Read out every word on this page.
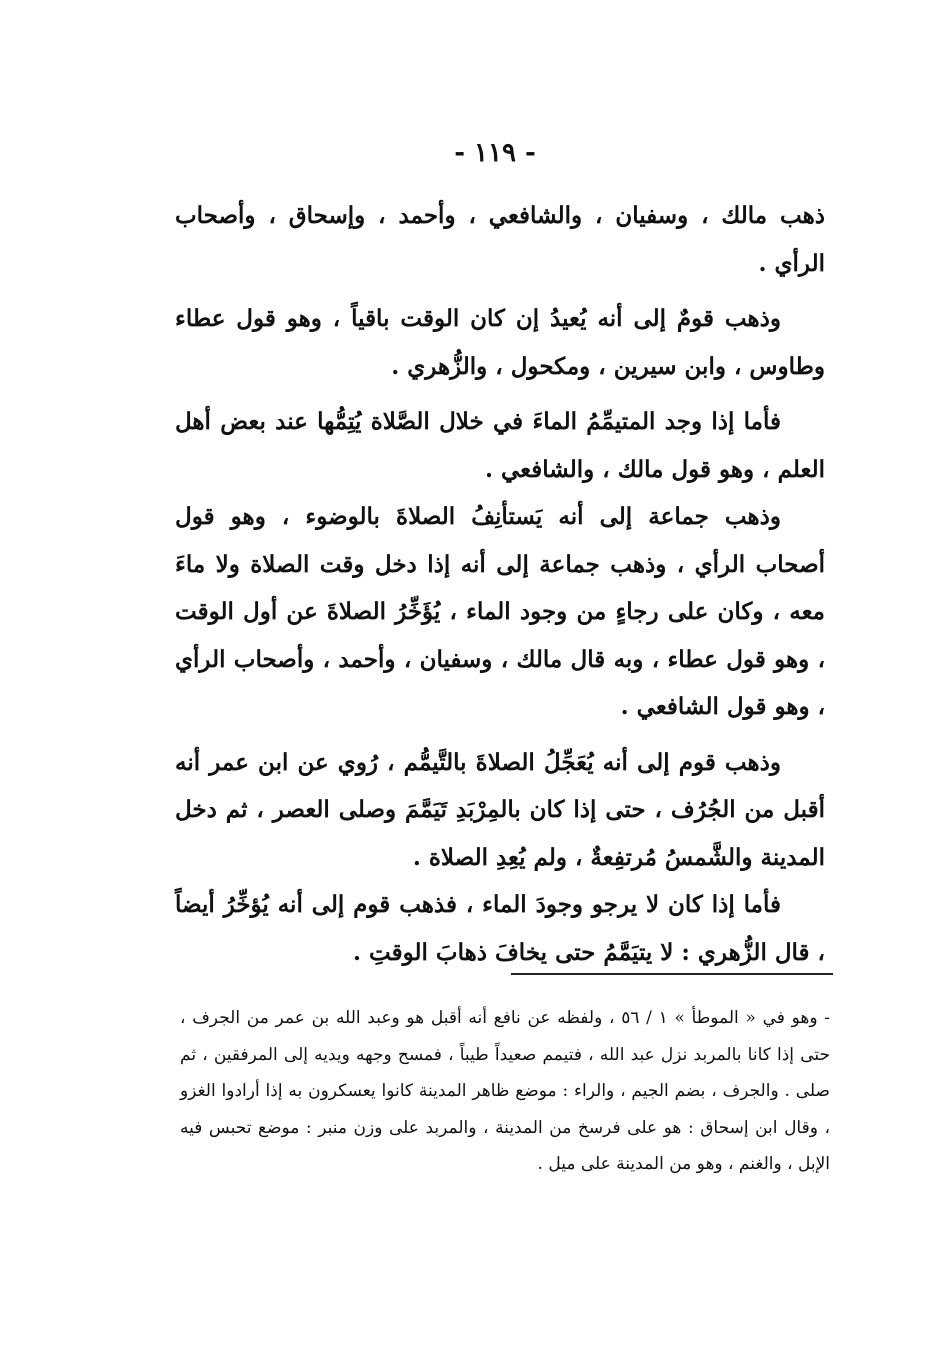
- ١١٩ -

ذهب مالك ، وسفيان ، والشافعي ، وأحمد ، وإسحاق ، وأصحاب الرأي .

وذهب قومٌ إلى أنه يُعيدُ إن كان الوقت باقياً ، وهو قول عطاء وطاوس ، وابن سيرين ، ومكحول ، والزُّهري .

فأما إذا وجد المتيمِّمُ الماءَ في خلال الصَّلاة يُتِمُّها عند بعض أهل العلم ، وهو قول مالك ، والشافعي .

وذهب جماعة إلى أنه يَستأنِفُ الصلاةَ بالوضوء ، وهو قول أصحاب الرأي ، وذهب جماعة إلى أنه إذا دخل وقت الصلاة ولا ماءَ معه ، وكان على رجاءٍ من وجود الماء ، يُؤَخِّرُ الصلاةَ عن أول الوقت ، وهو قول عطاء ، وبه قال مالك ، وسفيان ، وأحمد ، وأصحاب الرأي ، وهو قول الشافعي .

وذهب قوم إلى أنه يُعَجِّلُ الصلاةَ بالتَّيمُّم ، رُوي عن ابن عمر أنه أقبل من الجُرُف ، حتى إذا كان بالمِرْبَدِ تَيَمَّمَ وصلى العصر ، ثم دخل المدينة والشَّمسُ مُرتفِعةٌ ، ولم يُعِدِ الصلاة .

فأما إذا كان لا يرجو وجودَ الماء ، فذهب قوم إلى أنه يُؤخِّرُ أيضاً ، قال الزُّهري : لا يتيَمَّمُ حتى يخافَ ذهابَ الوقتِ .

- وهو في « الموطأ » ١ / ٥٦ ، ولفظه عن نافع أنه أقبل هو وعبد الله بن عمر من الجرف ، حتى إذا كانا بالمربد نزل عبد الله ، فتيمم صعيداً طيباً ، فمسح وجهه ويديه إلى المرفقين ، ثم صلى . والجرف ، بضم الجيم ، والراء : موضع ظاهر المدينة كانوا يعسكرون به إذا أرادوا الغزو ، وقال ابن إسحاق : هو على فرسخ من المدينة ، والمربد على وزن منبر : موضع تحبس فيه الإبل ، والغنم ، وهو من المدينة على ميل .
